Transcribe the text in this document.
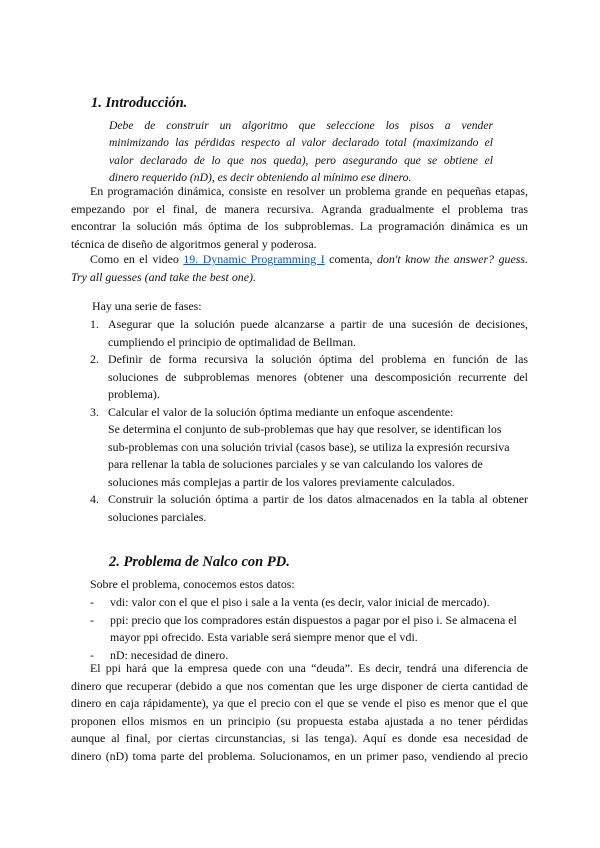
1. Introducción.
Debe de construir un algoritmo que seleccione los pisos a vender
minimizando las pérdidas respecto al valor declarado total (maximizando el
valor declarado de lo que nos queda), pero asegurando que se obtiene el
dinero requerido (nD), es decir obteniendo al mínimo ese dinero.
En programación dinámica, consiste en resolver un problema grande en pequeñas etapas,
empezando por el final, de manera recursiva. Agranda gradualmente el problema tras
encontrar la solución más óptima de los subproblemas. La programación dinámica es un
técnica de diseño de algoritmos general y poderosa.
Como en el video 19. Dynamic Programming I comenta, don't know the answer? guess.
Try all guesses (and take the best one).
Hay una serie de fases:
1. Asegurar que la solución puede alcanzarse a partir de una sucesión de decisiones,
cumpliendo el principio de optimalidad de Bellman.
2. Definir de forma recursiva la solución óptima del problema en función de las
soluciones de subproblemas menores (obtener una descomposición recurrente del
problema).
3. Calcular el valor de la solución óptima mediante un enfoque ascendente:
Se determina el conjunto de sub-problemas que hay que resolver, se identifican los
sub-problemas con una solución trivial (casos base), se utiliza la expresión recursiva
para rellenar la tabla de soluciones parciales y se van calculando los valores de
soluciones más complejas a partir de los valores previamente calculados.
4. Construir la solución óptima a partir de los datos almacenados en la tabla al obtener
soluciones parciales.
2. Problema de Nalco con PD.
Sobre el problema, conocemos estos datos:
- vdi: valor con el que el piso i sale a la venta (es decir, valor inicial de mercado).
- ppi: precio que los compradores están dispuestos a pagar por el piso i. Se almacena el
mayor ppi ofrecido. Esta variable será siempre menor que el vdi.
- nD: necesidad de dinero.
El ppi hará que la empresa quede con una “deuda”. Es decir, tendrá una diferencia de
dinero que recuperar (debido a que nos comentan que les urge disponer de cierta cantidad de
dinero en caja rápidamente), ya que el precio con el que se vende el piso es menor que el que
proponen ellos mismos en un principio (su propuesta estaba ajustada a no tener pérdidas
aunque al final, por ciertas circunstancias, si las tenga). Aquí es donde esa necesidad de
dinero (nD) toma parte del problema. Solucionamos, en un primer paso, vendiendo al precio
